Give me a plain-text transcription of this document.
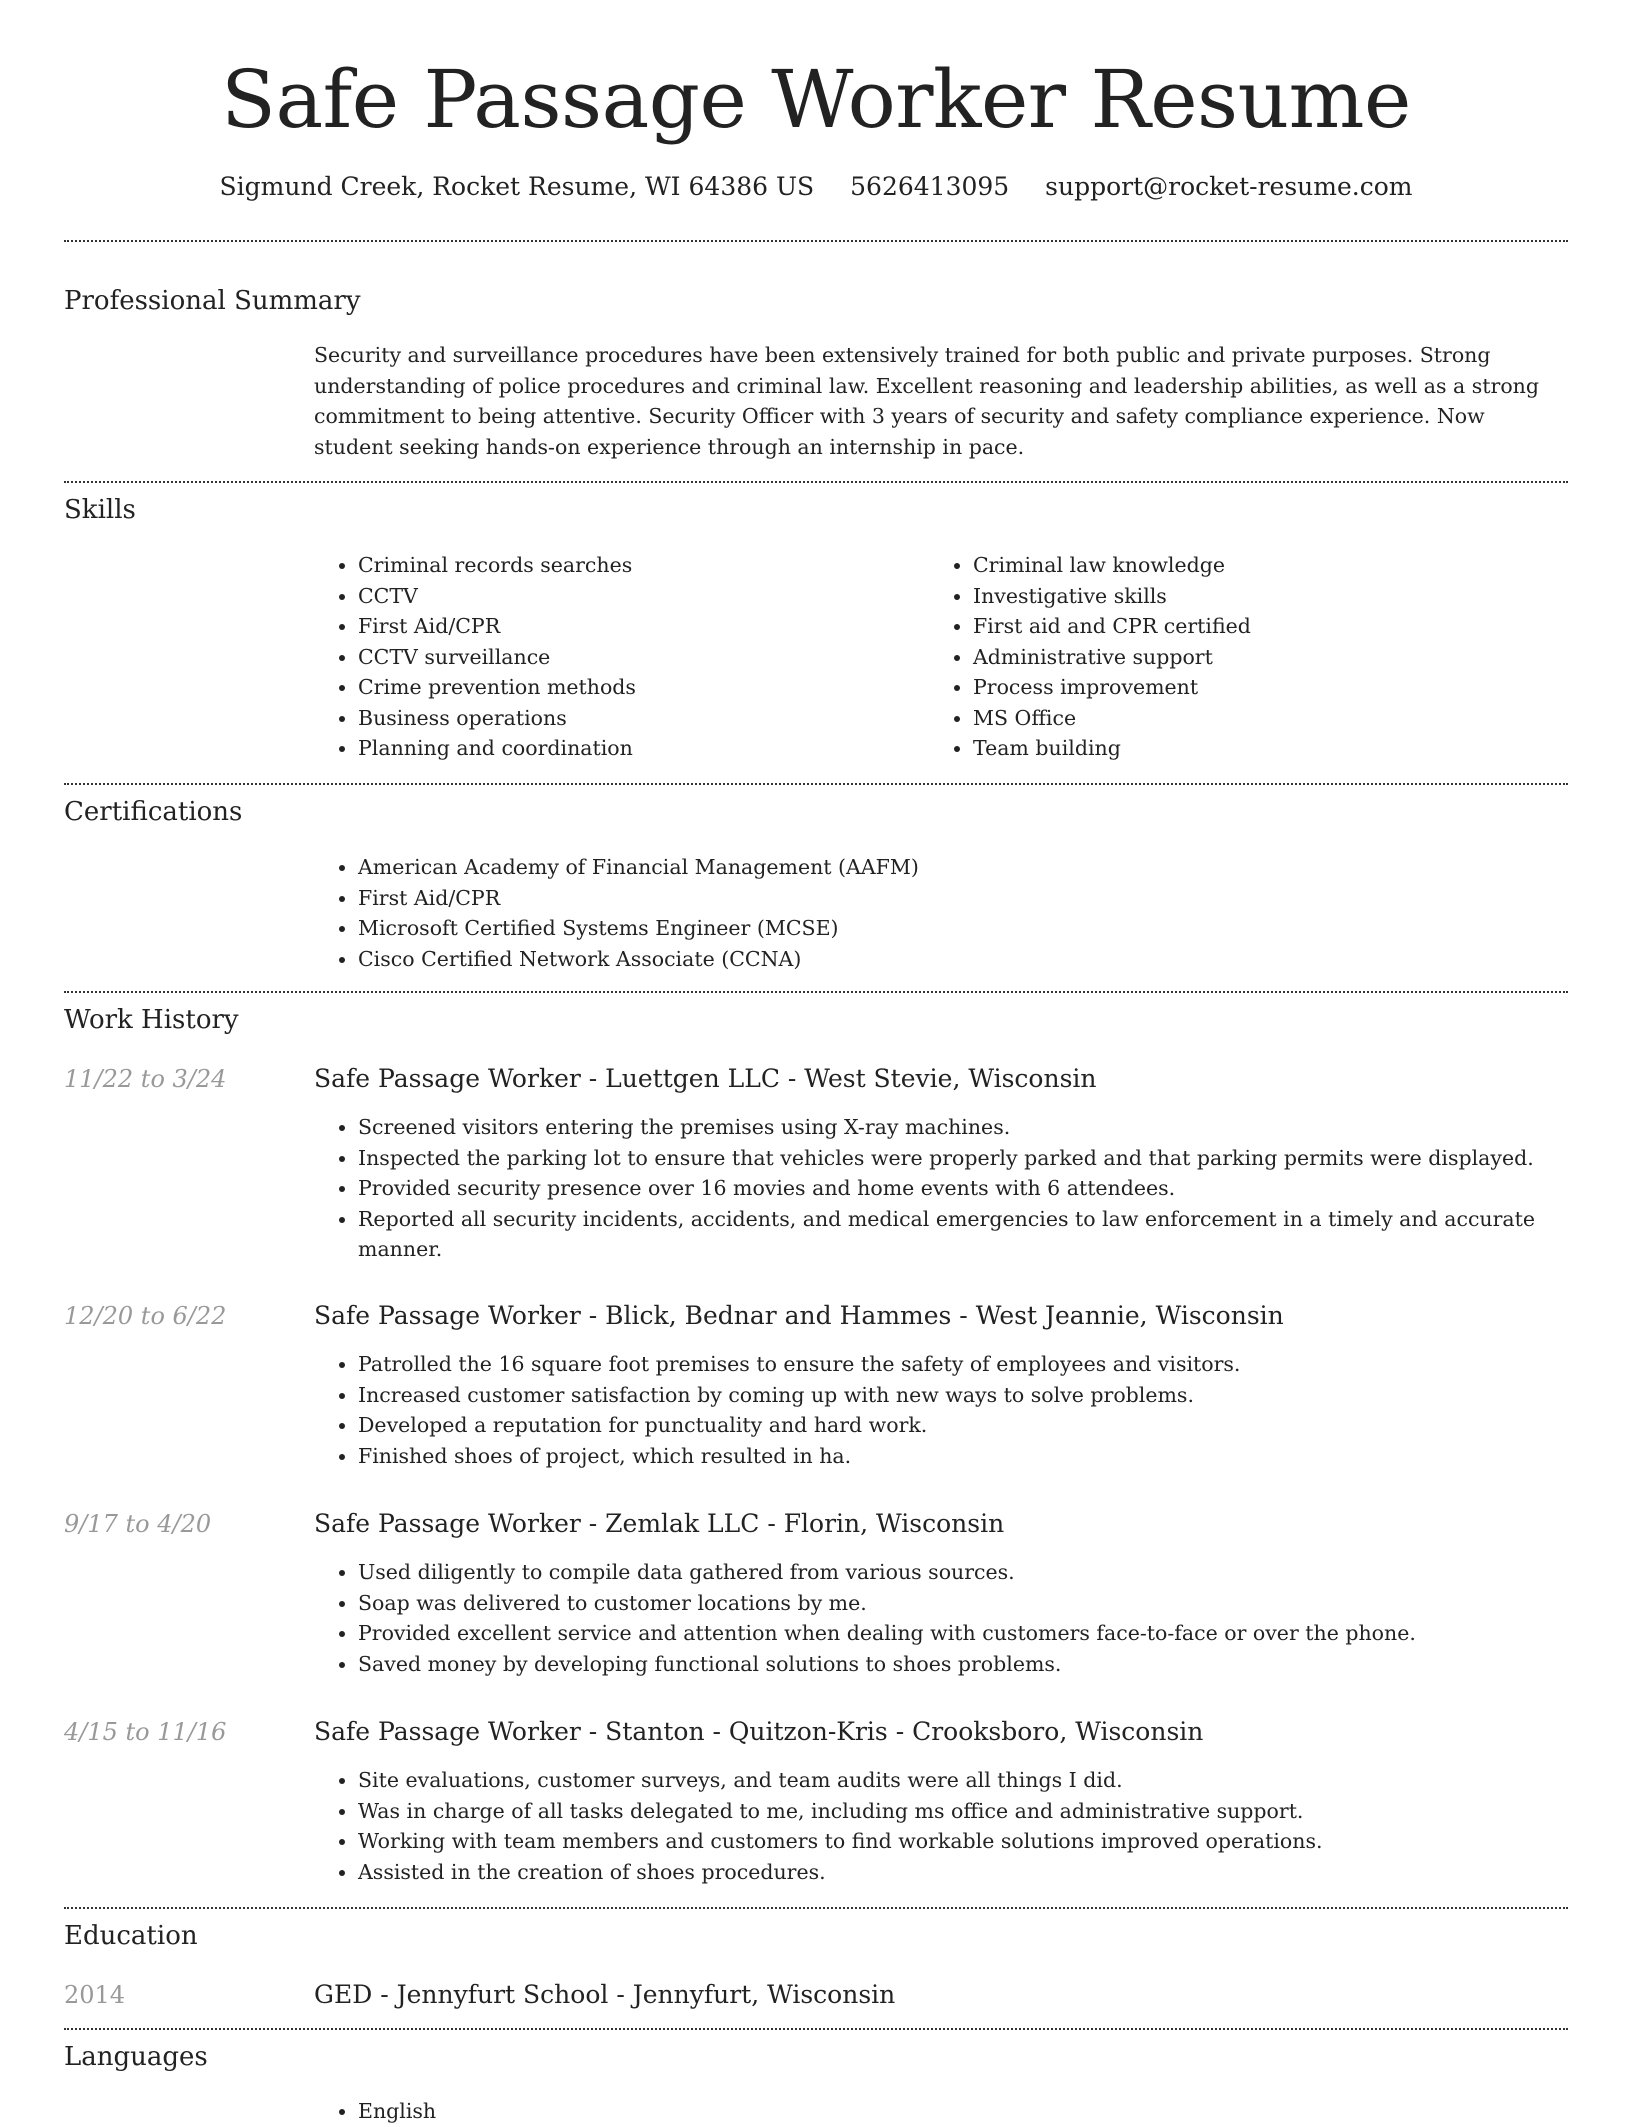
Safe Passage Worker Resume
Sigmund Creek, Rocket Resume, WI 64386 US 5626413095 support@rocket-resume.com
Professional Summary
Security and surveillance procedures have been extensively trained for both public and private purposes. Strong understanding of police procedures and criminal law. Excellent reasoning and leadership abilities, as well as a strong commitment to being attentive. Security Officer with 3 years of security and safety compliance experience. Now student seeking hands-on experience through an internship in pace.
Skills
• Criminal records searches
• CCTV
• First Aid/CPR
• CCTV surveillance
• Crime prevention methods
• Business operations
• Planning and coordination
• Criminal law knowledge
• Investigative skills
• First aid and CPR certified
• Administrative support
• Process improvement
• MS Office
• Team building
Certifications
• American Academy of Financial Management (AAFM)
• First Aid/CPR
• Microsoft Certified Systems Engineer (MCSE)
• Cisco Certified Network Associate (CCNA)
Work History
11/22 to 3/24	Safe Passage Worker - Luettgen LLC - West Stevie, Wisconsin
• Screened visitors entering the premises using X-ray machines.
• Inspected the parking lot to ensure that vehicles were properly parked and that parking permits were displayed.
• Provided security presence over 16 movies and home events with 6 attendees.
• Reported all security incidents, accidents, and medical emergencies to law enforcement in a timely and accurate manner.
12/20 to 6/22	Safe Passage Worker - Blick, Bednar and Hammes - West Jeannie, Wisconsin
• Patrolled the 16 square foot premises to ensure the safety of employees and visitors.
• Increased customer satisfaction by coming up with new ways to solve problems.
• Developed a reputation for punctuality and hard work.
• Finished shoes of project, which resulted in ha.
9/17 to 4/20	Safe Passage Worker - Zemlak LLC - Florin, Wisconsin
• Used diligently to compile data gathered from various sources.
• Soap was delivered to customer locations by me.
• Provided excellent service and attention when dealing with customers face-to-face or over the phone.
• Saved money by developing functional solutions to shoes problems.
4/15 to 11/16	Safe Passage Worker - Stanton - Quitzon-Kris - Crooksboro, Wisconsin
• Site evaluations, customer surveys, and team audits were all things I did.
• Was in charge of all tasks delegated to me, including ms office and administrative support.
• Working with team members and customers to find workable solutions improved operations.
• Assisted in the creation of shoes procedures.
Education
2014	GED - Jennyfurt School - Jennyfurt, Wisconsin
Languages
• English
